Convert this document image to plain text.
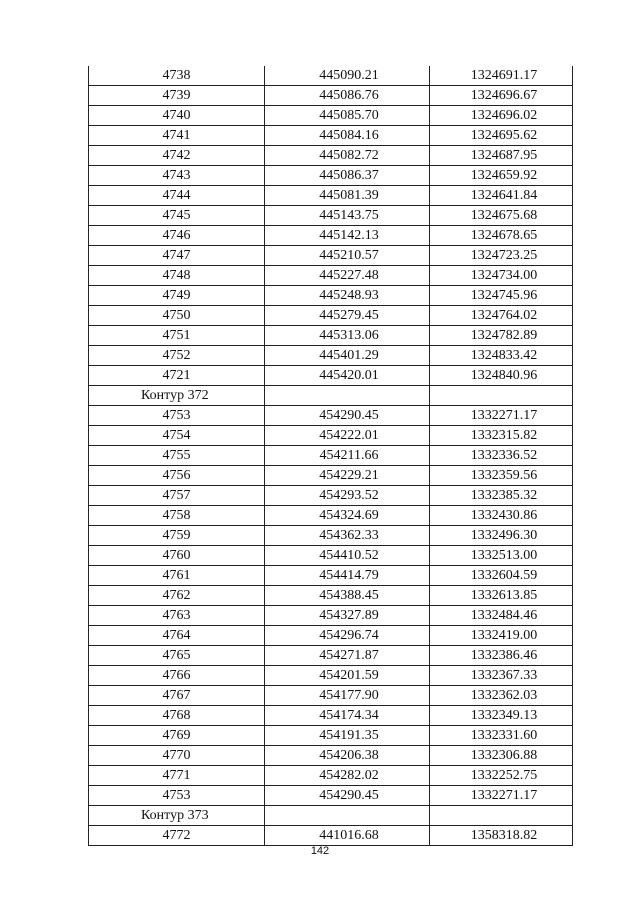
4738	445090.21	1324691.17
4739	445086.76	1324696.67
4740	445085.70	1324696.02
4741	445084.16	1324695.62
4742	445082.72	1324687.95
4743	445086.37	1324659.92
4744	445081.39	1324641.84
4745	445143.75	1324675.68
4746	445142.13	1324678.65
4747	445210.57	1324723.25
4748	445227.48	1324734.00
4749	445248.93	1324745.96
4750	445279.45	1324764.02
4751	445313.06	1324782.89
4752	445401.29	1324833.42
4721	445420.01	1324840.96
Контур 372		
4753	454290.45	1332271.17
4754	454222.01	1332315.82
4755	454211.66	1332336.52
4756	454229.21	1332359.56
4757	454293.52	1332385.32
4758	454324.69	1332430.86
4759	454362.33	1332496.30
4760	454410.52	1332513.00
4761	454414.79	1332604.59
4762	454388.45	1332613.85
4763	454327.89	1332484.46
4764	454296.74	1332419.00
4765	454271.87	1332386.46
4766	454201.59	1332367.33
4767	454177.90	1332362.03
4768	454174.34	1332349.13
4769	454191.35	1332331.60
4770	454206.38	1332306.88
4771	454282.02	1332252.75
4753	454290.45	1332271.17
Контур 373		
4772	441016.68	1358318.82
142
